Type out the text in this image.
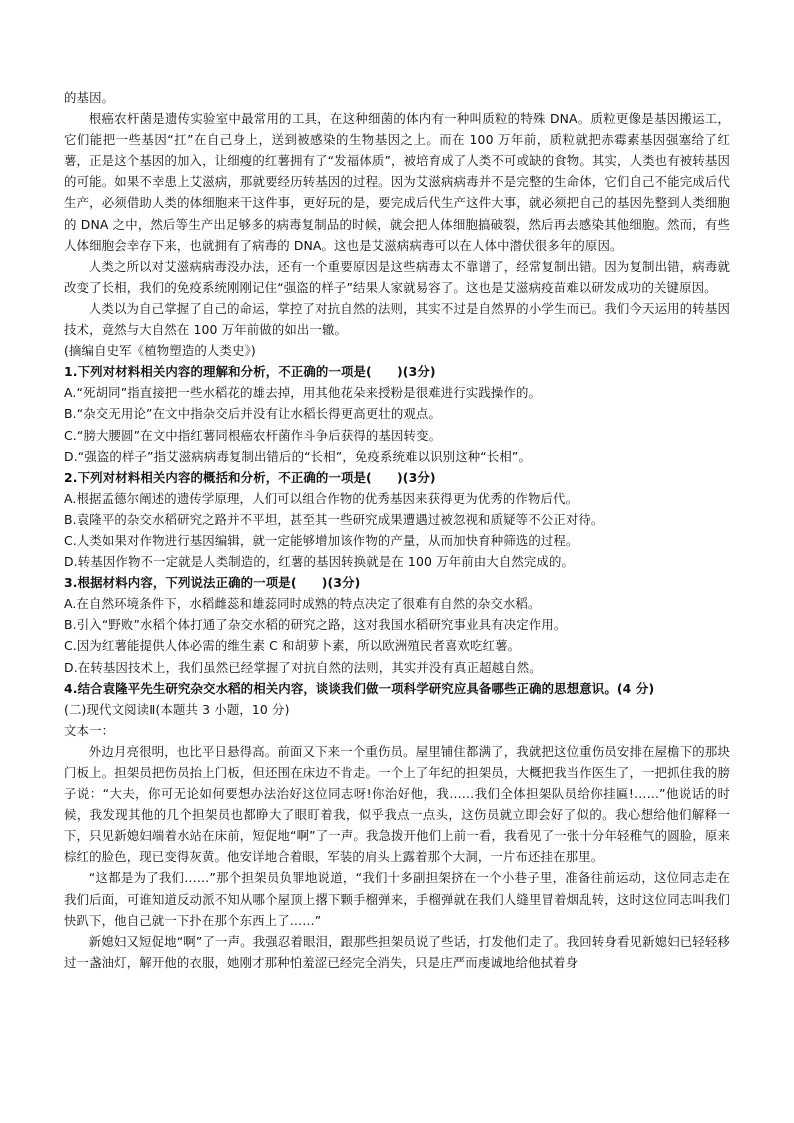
的基因。

根癌农杆菌是遗传实验室中最常用的工具，在这种细菌的体内有一种叫质粒的特殊 DNA。质粒更像是基因搬运工，它们能把一些基因“扛”在自己身上，送到被感染的生物基因之上。而在 100 万年前，质粒就把赤霉素基因强塞给了红薯，正是这个基因的加入，让细瘦的红薯拥有了“发福体质”，被培育成了人类不可或缺的食物。其实，人类也有被转基因的可能。如果不幸患上艾滋病，那就要经历转基因的过程。因为艾滋病病毒并不是完整的生命体，它们自己不能完成后代生产，必须借助人类的体细胞来干这件事，更好玩的是，要完成后代生产这件大事，就必须把自己的基因先整到人类细胞的 DNA 之中，然后等生产出足够多的病毒复制品的时候，就会把人体细胞搞破裂，然后再去感染其他细胞。然而，有些人体细胞会幸存下来，也就拥有了病毒的 DNA。这也是艾滋病病毒可以在人体中潜伏很多年的原因。

人类之所以对艾滋病病毒没办法，还有一个重要原因是这些病毒太不靠谱了，经常复制出错。因为复制出错，病毒就改变了长相，我们的免疫系统刚刚记住“强盗的样子”结果人家就易容了。这也是艾滋病疫苗难以研发成功的关键原因。

人类以为自己掌握了自己的命运，掌控了对抗自然的法则，其实不过是自然界的小学生而已。我们今天运用的转基因技术，竟然与大自然在 100 万年前做的如出一辙。

(摘编自史军《植物塑造的人类史》)

1.下列对材料相关内容的理解和分析，不正确的一项是(　　)(3分)

A.“死胡同”指直接把一些水稻花的雄去掉，用其他花朵来授粉是很难进行实践操作的。

B.“杂交无用论”在文中指杂交后并没有让水稻长得更高更壮的观点。

C.“膀大腰圆”在文中指红薯同根癌农杆菌作斗争后获得的基因转变。

D.“强盗的样子”指艾滋病病毒复制出错后的“长相”，免疫系统难以识别这种“长相”。

2.下列对材料相关内容的概括和分析，不正确的一项是(　　)(3分)

A.根据孟德尔阐述的遗传学原理，人们可以组合作物的优秀基因来获得更为优秀的作物后代。

B.袁隆平的杂交水稻研究之路并不平坦，甚至其一些研究成果遭遇过被忽视和质疑等不公正对待。

C.人类如果对作物进行基因编辑，就一定能够增加该作物的产量，从而加快育种筛选的过程。

D.转基因作物不一定就是人类制造的，红薯的基因转换就是在 100 万年前由大自然完成的。

3.根据材料内容，下列说法正确的一项是(　　)(3分)

A.在自然环境条件下，水稻雌蕊和雄蕊同时成熟的特点决定了很难有自然的杂交水稻。

B.引入“野败”水稻个体打通了杂交水稻的研究之路，这对我国水稻研究事业具有决定作用。

C.因为红薯能提供人体必需的维生素 C 和胡萝卜素，所以欧洲殖民者喜欢吃红薯。

D.在转基因技术上，我们虽然已经掌握了对抗自然的法则，其实并没有真正超越自然。

4.结合袁隆平先生研究杂交水稻的相关内容，谈谈我们做一项科学研究应具备哪些正确的思想意识。(4 分)

(二)现代文阅读Ⅱ(本题共 3 小题，10 分)

文本一：

外边月亮很明，也比平日悬得高。前面又下来一个重伤员。屋里铺住都满了，我就把这位重伤员安排在屋檐下的那块门板上。担架员把伤员抬上门板，但还围在床边不肯走。一个上了年纪的担架员，大概把我当作医生了，一把抓住我的膀子说：“大夫，你可无论如何要想办法治好这位同志呀!你治好他，我……我们全体担架队员给你挂匾!……”他说话的时候，我发现其他的几个担架员也都睁大了眼盯着我，似乎我点一点头，这伤员就立即会好了似的。我心想给他们解释一下，只见新媳妇端着水站在床前，短促地“啊”了一声。我急拨开他们上前一看，我看见了一张十分年轻稚气的圆脸，原来棕红的脸色，现已变得灰黄。他安详地合着眼，军装的肩头上露着那个大洞，一片布还挂在那里。

“这都是为了我们……”那个担架员负罪地说道，“我们十多副担架挤在一个小巷子里，准备往前运动，这位同志走在我们后面，可谁知道反动派不知从哪个屋顶上撂下颗手榴弹来，手榴弹就在我们人缝里冒着烟乱转，这时这位同志叫我们快趴下，他自己就一下扑在那个东西上了……”

新媳妇又短促地“啊”了一声。我强忍着眼泪，跟那些担架员说了些话，打发他们走了。我回转身看见新媳妇已轻轻移过一盏油灯，解开他的衣服，她刚才那种怕羞涩已经完全消失，只是庄严而虔诚地给他拭着身
